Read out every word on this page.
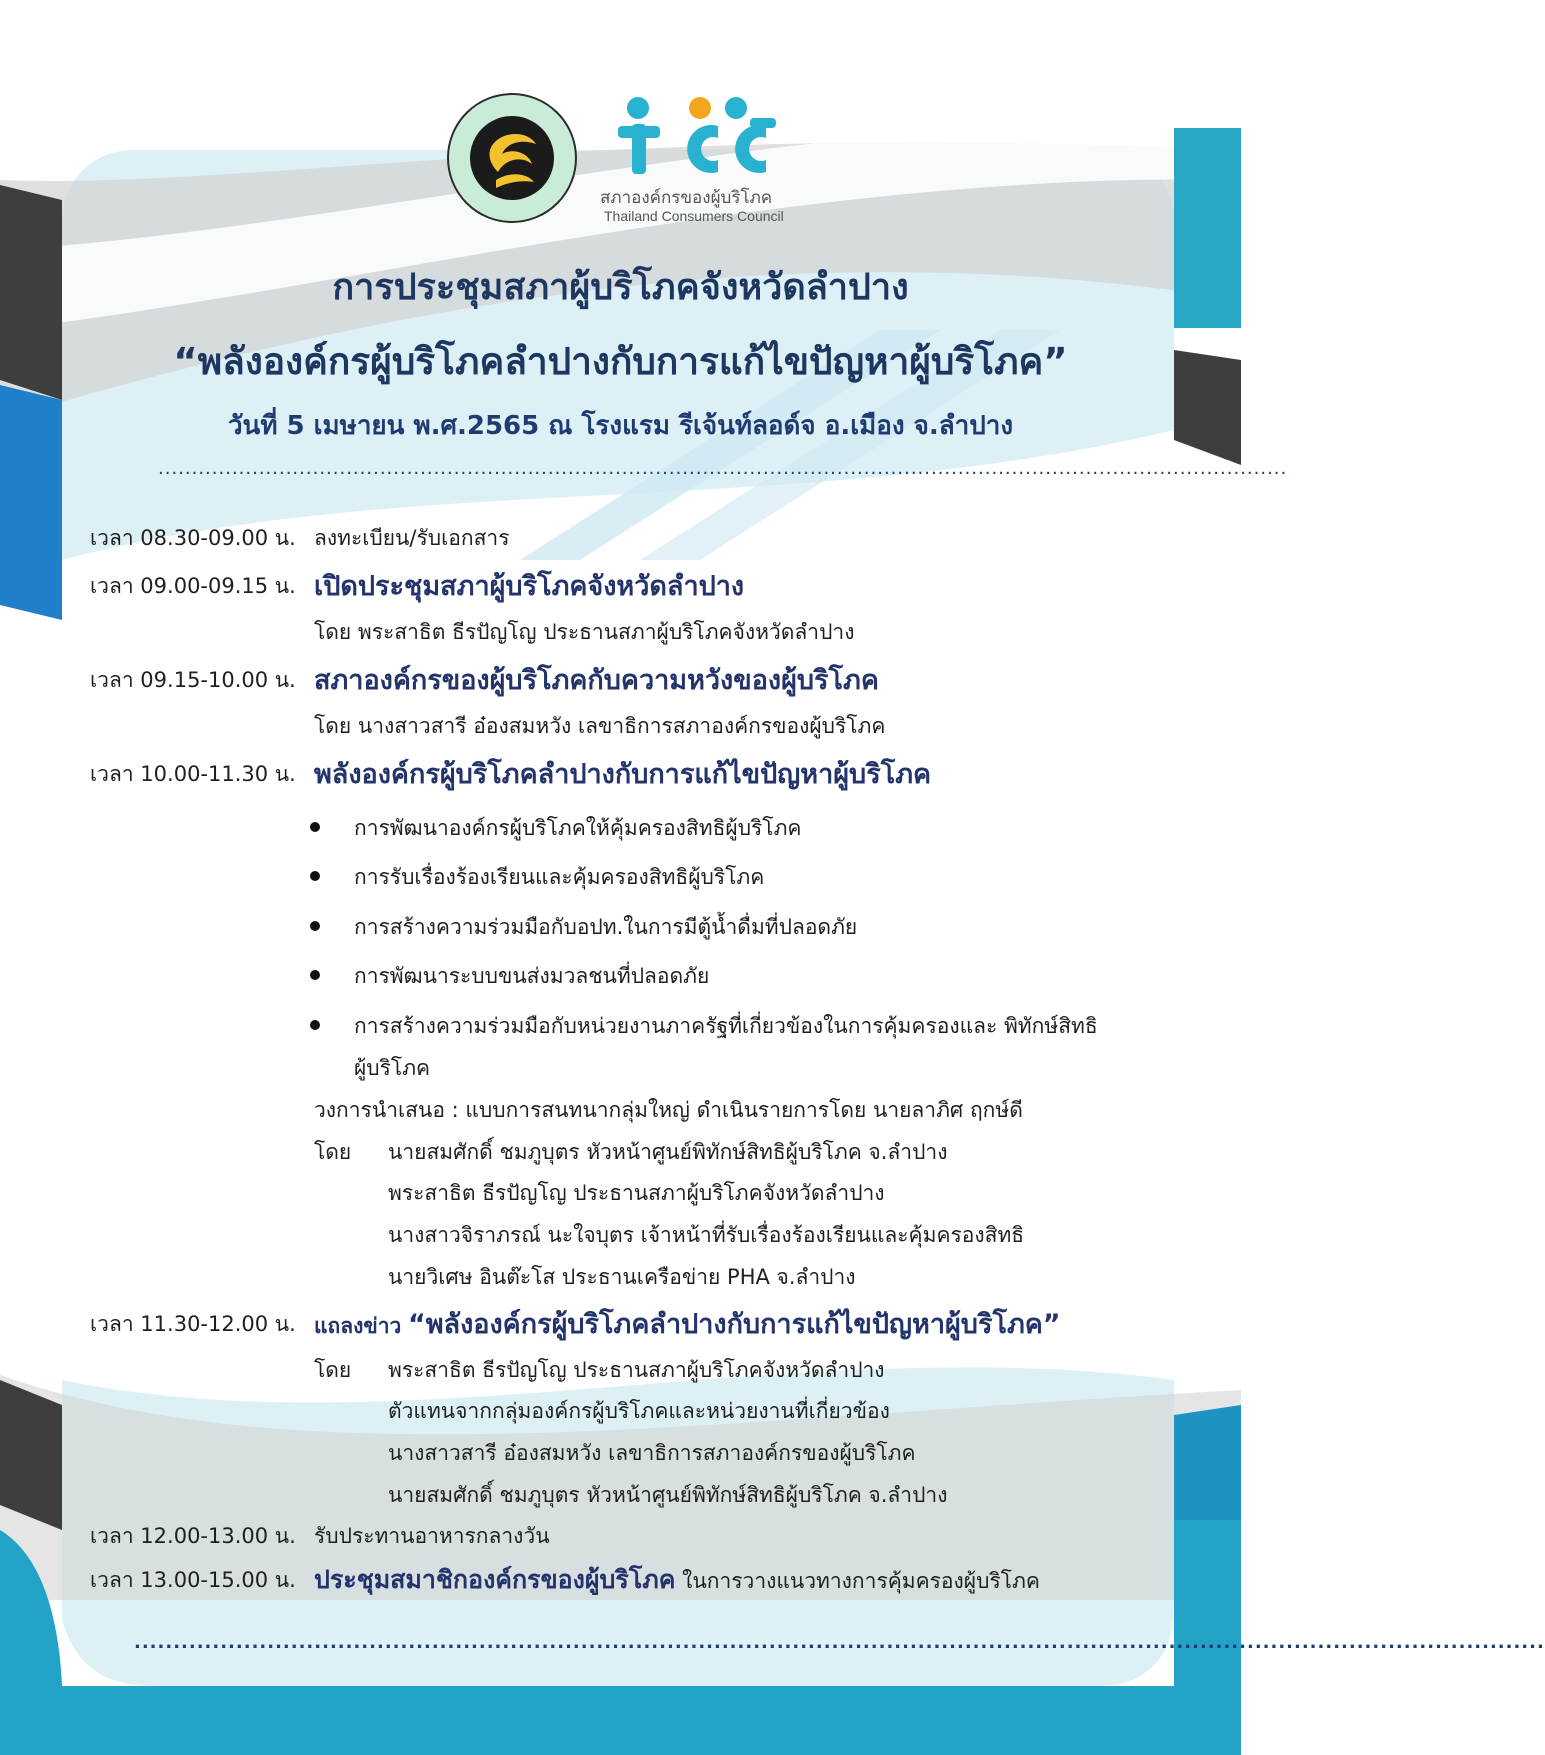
สภาองค์กรของผู้บริโภค
Thailand Consumers Council
การประชุมสภาผู้บริโภคจังหวัดลำปาง
“พลังองค์กรผู้บริโภคลำปางกับการแก้ไขปัญหาผู้บริโภค”
วันที่ 5 เมษายน พ.ศ.2565 ณ โรงแรม รีเจ้นท์ลอด์จ อ.เมือง จ.ลำปาง
........................................................................................................................................................................
เวลา 08.30-09.00 น. ลงทะเบียน/รับเอกสาร
เวลา 09.00-09.15 น. เปิดประชุมสภาผู้บริโภคจังหวัดลำปาง
โดย พระสาธิต ธีรปัญโญ ประธานสภาผู้บริโภคจังหวัดลำปาง
เวลา 09.15-10.00 น. สภาองค์กรของผู้บริโภคกับความหวังของผู้บริโภค
โดย นางสาวสารี อ๋องสมหวัง เลขาธิการสภาองค์กรของผู้บริโภค
เวลา 10.00-11.30 น. พลังองค์กรผู้บริโภคลำปางกับการแก้ไขปัญหาผู้บริโภค
การพัฒนาองค์กรผู้บริโภคให้คุ้มครองสิทธิผู้บริโภค
การรับเรื่องร้องเรียนและคุ้มครองสิทธิผู้บริโภค
การสร้างความร่วมมือกับอปท.ในการมีตู้น้ำดื่มที่ปลอดภัย
การพัฒนาระบบขนส่งมวลชนที่ปลอดภัย
การสร้างความร่วมมือกับหน่วยงานภาครัฐที่เกี่ยวข้องในการคุ้มครองและ พิทักษ์สิทธิ
ผู้บริโภค
วงการนำเสนอ : แบบการสนทนากลุ่มใหญ่ ดำเนินรายการโดย นายลาภิศ ฤกษ์ดี
โดย นายสมศักดิ์ ชมภูบุตร หัวหน้าศูนย์พิทักษ์สิทธิผู้บริโภค จ.ลำปาง
พระสาธิต ธีรปัญโญ ประธานสภาผู้บริโภคจังหวัดลำปาง
นางสาวจิราภรณ์ นะใจบุตร เจ้าหน้าที่รับเรื่องร้องเรียนและคุ้มครองสิทธิ
นายวิเศษ อินต๊ะโส ประธานเครือข่าย PHA จ.ลำปาง
เวลา 11.30-12.00 น. แถลงข่าว “พลังองค์กรผู้บริโภคลำปางกับการแก้ไขปัญหาผู้บริโภค”
โดย พระสาธิต ธีรปัญโญ ประธานสภาผู้บริโภคจังหวัดลำปาง
ตัวแทนจากกลุ่มองค์กรผู้บริโภคและหน่วยงานที่เกี่ยวข้อง
นางสาวสารี อ๋องสมหวัง เลขาธิการสภาองค์กรของผู้บริโภค
นายสมศักดิ์ ชมภูบุตร หัวหน้าศูนย์พิทักษ์สิทธิผู้บริโภค จ.ลำปาง
เวลา 12.00-13.00 น. รับประทานอาหารกลางวัน
เวลา 13.00-15.00 น. ประชุมสมาชิกองค์กรของผู้บริโภค ในการวางแนวทางการคุ้มครองผู้บริโภค
....................................................................................................................................................................................
